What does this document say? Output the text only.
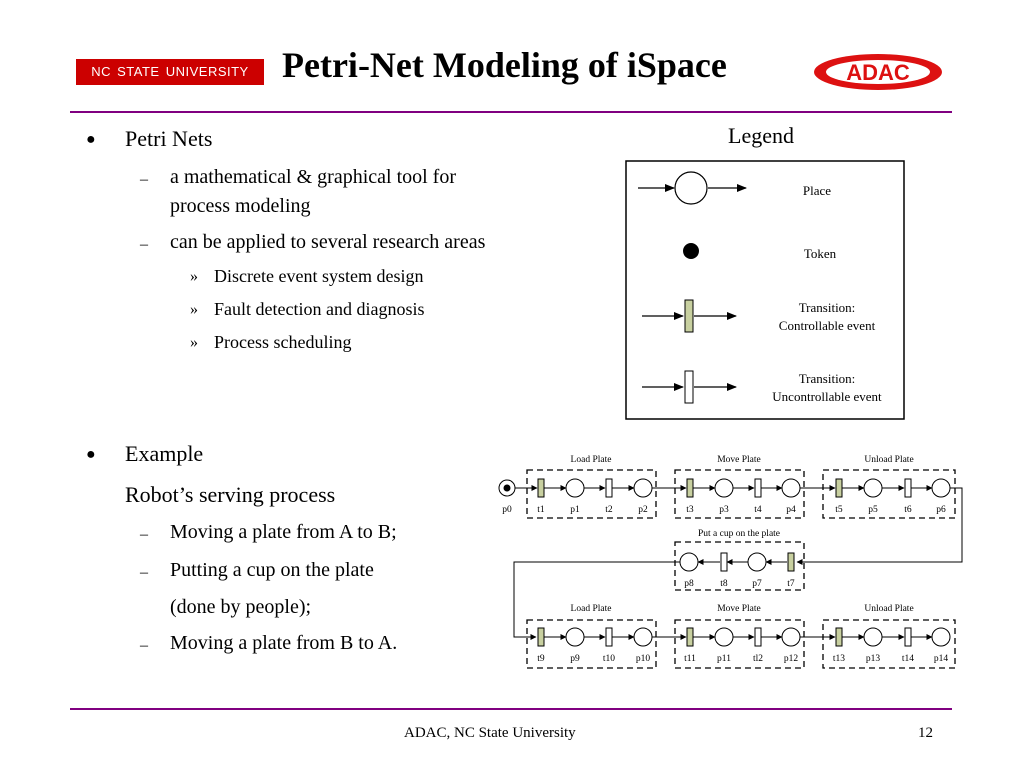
NC STATE UNIVERSITY Petri-Net Modeling of iSpace	ADAC
● Petri Nets
– a mathematical & graphical tool for
process modeling
– can be applied to several research areas
» Discrete event system design
» Fault detection and diagnosis
» Process scheduling
● Example
Robot’s serving process
– Moving a plate from A to B;
– Putting a cup on the plate
(done by people);
– Moving a plate from B to A.
Legend
Place
Token
Transition:
Controllable event
Transition:
Uncontrollable event
Load Plate	Move Plate	Unload Plate
Put a cup on the plate
Load Plate	Move Plate	Unload Plate
p0	t1	p1	t2	p2	t3	p3	t4	p4	t5	p5	t6	p6
p8	t8	p7	t7
t9	p9 t10 p10	t11 p11 tl2 p12	t13 p13 t14 p14
ADAC, NC State University	12
